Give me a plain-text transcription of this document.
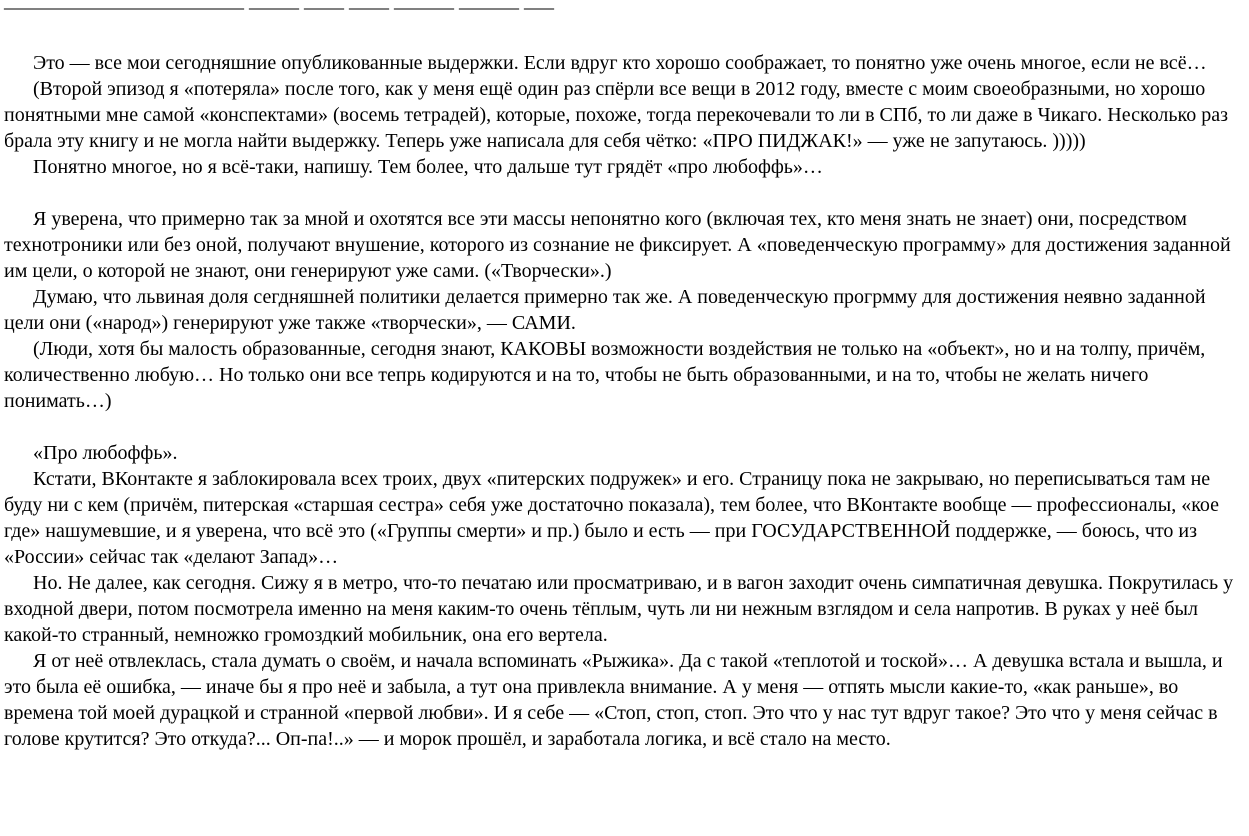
________________________ _____ ____ ____ ______ ______ ___

Это — все мои сегодняшние опубликованные выдержки. Если вдруг кто хорошо соображает, то понятно уже очень многое, если не всё…

(Второй эпизод я «потеряла» после того, как у меня ещё один раз спёрли все вещи в 2012 году, вместе с моим своеобразными, но хорошо понятными мне самой «конспектами» (восемь тетрадей), которые, похоже, тогда перекочевали то ли в СПб, то ли даже в Чикаго. Несколько раз брала эту книгу и не могла найти выдержку. Теперь уже написала для себя чётко: «ПРО ПИДЖАК!» — уже не запутаюсь. )))))

Понятно многое, но я всё-таки, напишу. Тем более, что дальше тут грядёт «про любоффь»…

Я уверена, что примерно так за мной и охотятся все эти массы непонятно кого (включая тех, кто меня знать не знает) они, посредством технотроники или без оной, получают внушение, которого из сознание не фиксирует. А «поведенческую программу» для достижения заданной им цели, о которой не знают, они генерируют уже сами. («Творчески».)

Думаю, что львиная доля сегдняшней политики делается примерно так же. А поведенческую прогрмму для достижения неявно заданной цели они («народ») генерируют уже также «творчески», — САМИ.

(Люди, хотя бы малость образованные, сегодня знают, КАКОВЫ возможности воздействия не только на «объект», но и на толпу, причём, количественно любую… Но только они все тепрь кодируются и на то, чтобы не быть образованными, и на то, чтобы не желать ничего понимать…)

«Про любоффь».

Кстати, ВКонтакте я заблокировала всех троих, двух «питерских подружек» и его. Страницу пока не закрываю, но переписываться там не буду ни с кем (причём, питерская «старшая сестра» себя уже достаточно показала), тем более, что ВКонтакте вообще — профессионалы, «кое где» нашумевшие, и я уверена, что всё это («Группы смерти» и пр.) было и есть — при ГОСУДАРСТВЕННОЙ поддержке, — боюсь, что из «России» сейчас так «делают Запад»…

Но. Не далее, как сегодня. Сижу я в метро, что-то печатаю или просматриваю, и в вагон заходит очень симпатичная девушка. Покрутилась у входной двери, потом посмотрела именно на меня каким-то очень тёплым, чуть ли ни нежным взглядом и села напротив. В руках у неё был какой-то странный, немножко громоздкий мобильник, она его вертела.

Я от неё отвлеклась, стала думать о своём, и начала вспоминать «Рыжика». Да с такой «теплотой и тоской»… А девушка встала и вышла, и это была её ошибка, — иначе бы я про неё и забыла, а тут она привлекла внимание. А у меня — отпять мысли какие-то, «как раньше», во времена той моей дурацкой и странной «первой любви». И я себе — «Стоп, стоп, стоп. Это что у нас тут вдруг такое? Это что у меня сейчас в голове крутится? Это откуда?... Оп-па!..» — и морок прошёл, и заработала логика, и всё стало на место.
